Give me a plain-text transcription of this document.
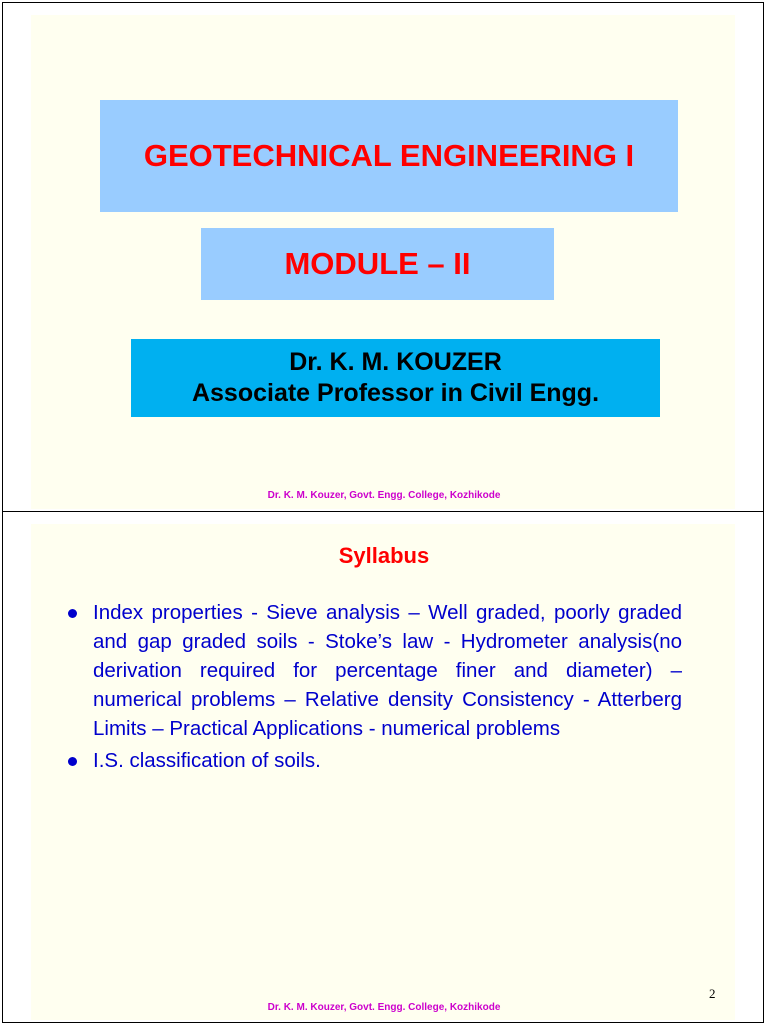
GEOTECHNICAL ENGINEERING I
MODULE – II
Dr. K. M. KOUZER
Associate Professor in Civil Engg.
Dr. K. M. Kouzer, Govt. Engg. College, Kozhikode
Syllabus
Index properties - Sieve analysis – Well graded, poorly graded and gap graded soils - Stoke’s law - Hydrometer analysis(no derivation required for percentage finer and diameter) – numerical problems – Relative density Consistency - Atterberg Limits – Practical Applications - numerical problems
I.S. classification of soils.
2
Dr. K. M. Kouzer, Govt. Engg. College, Kozhikode
